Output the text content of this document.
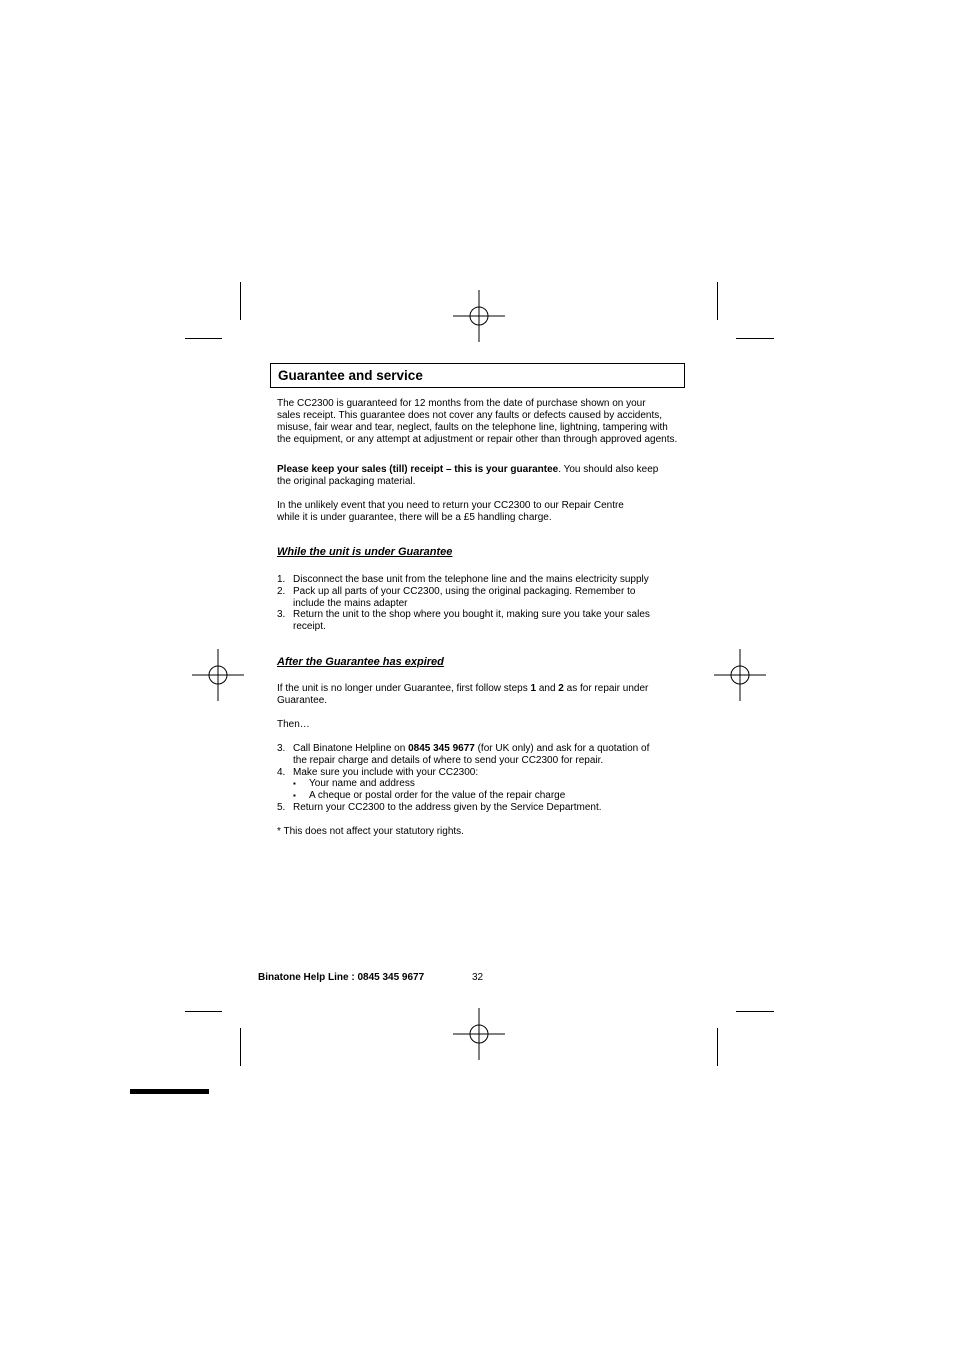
Guarantee and service
The CC2300 is guaranteed for 12 months from the date of purchase shown on your
sales receipt. This guarantee does not cover any faults or defects caused by accidents,
misuse, fair wear and tear, neglect, faults on the telephone line, lightning, tampering with
the equipment, or any attempt at adjustment or repair other than through approved agents.
Please keep your sales (till) receipt – this is your guarantee. You should also keep
the original packaging material.
In the unlikely event that you need to return your CC2300 to our Repair Centre
while it is under guarantee, there will be a £5 handling charge.
While the unit is under Guarantee
1. Disconnect the base unit from the telephone line and the mains electricity supply
2. Pack up all parts of your CC2300, using the original packaging. Remember to
include the mains adapter
3. Return the unit to the shop where you bought it, making sure you take your sales
receipt.
After the Guarantee has expired
If the unit is no longer under Guarantee, first follow steps 1 and 2 as for repair under
Guarantee.
Then…
3. Call Binatone Helpline on 0845 345 9677 (for UK only) and ask for a quotation of
the repair charge and details of where to send your CC2300 for repair.
4. Make sure you include with your CC2300:
▪ Your name and address
▪ A cheque or postal order for the value of the repair charge
5. Return your CC2300 to the address given by the Service Department.
* This does not affect your statutory rights.
Binatone Help Line : 0845 345 9677	32
